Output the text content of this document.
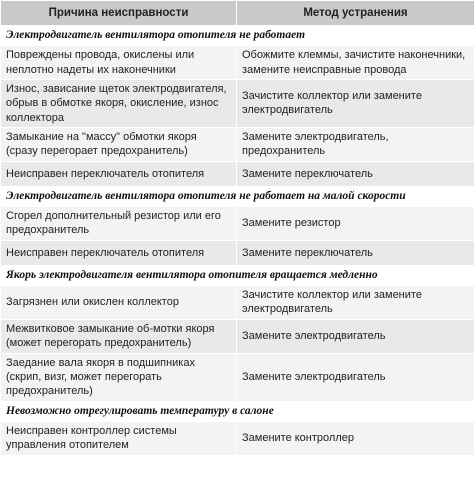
Причина неисправности	Метод устранения
Электродвигатель вентилятора отопителя не работает	
Повреждены провода, окислены или неплотно надеты их наконечники	Обожмите клеммы, зачистите наконечники, замените неисправные провода
Износ, зависание щеток электродвигателя, обрыв в обмотке якоря, окисление, износ коллектора	Зачистите коллектор или замените электродвигатель
Замыкание на "массу" обмотки якоря (сразу перегорает предохранитель)	Замените электродвигатель, предохранитель
Неисправен переключатель отопителя	Замените переключатель
Электродвигатель вентилятора отопителя не работает на малой скорости	
Сгорел дополнительный резистор или его предохранитель	Замените резистор
Неисправен переключатель отопителя	Замените переключатель
Якорь электродвигателя вентилятора отопителя вращается медленно	
Загрязнен или окислен коллектор	Зачистите коллектор или замените электродвигатель
Межвитковое замыкание об-мотки якоря (может перегорать предохранитель)	Замените электродвигатель
Заедание вала якоря в подшипниках (скрип, визг, может перегорать предохранитель)	Замените электродвигатель
Невозможно отрегулировать температуру в салоне	
Неисправен контроллер системы управления отопителем	Замените контроллер
